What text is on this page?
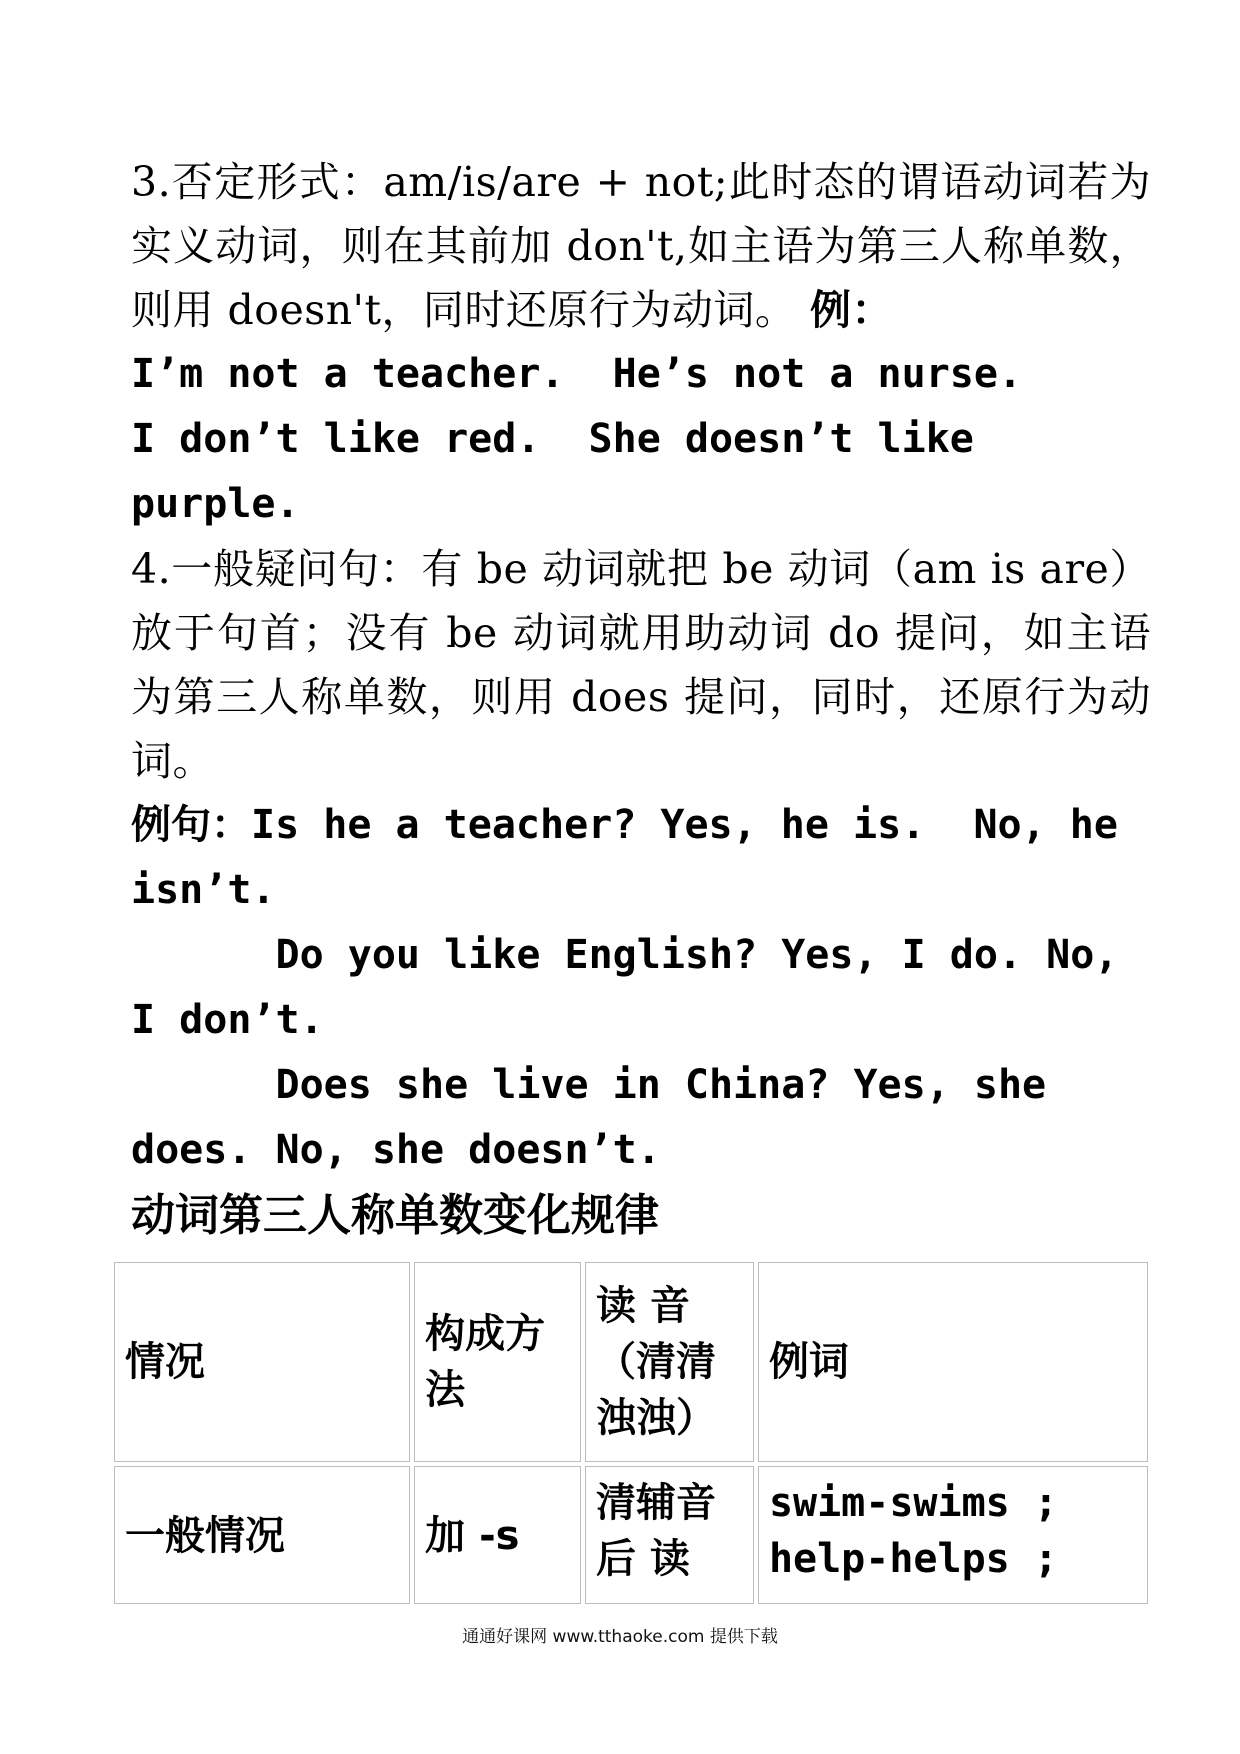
3.否定形式：am/is/are + not;此时态的谓语动词若为实义动词，则在其前加 don't,如主语为第三人称单数，则用 doesn't，同时还原行为动词。 例：

I’m not a teacher.  He’s not a nurse.

I don’t like red.  She doesn’t like purple.

4.一般疑问句：有 be 动词就把 be 动词（am is are）放于句首；没有 be 动词就用助动词 do 提问，如主语为第三人称单数，则用 does 提问，同时，还原行为动词。

例句：Is he a teacher? Yes, he is.  No, he isn’t.

Do you like English? Yes, I do. No, I don’t.

Does she live in China? Yes, she does. No, she doesn’t.

动词第三人称单数变化规律

情况	构成方法	读 音（清清浊浊）	例词
一般情况	加 -s	清辅音后 读	swim-swims ;
help-helps ;
通通好课网 www.tthaoke.com 提供下载
